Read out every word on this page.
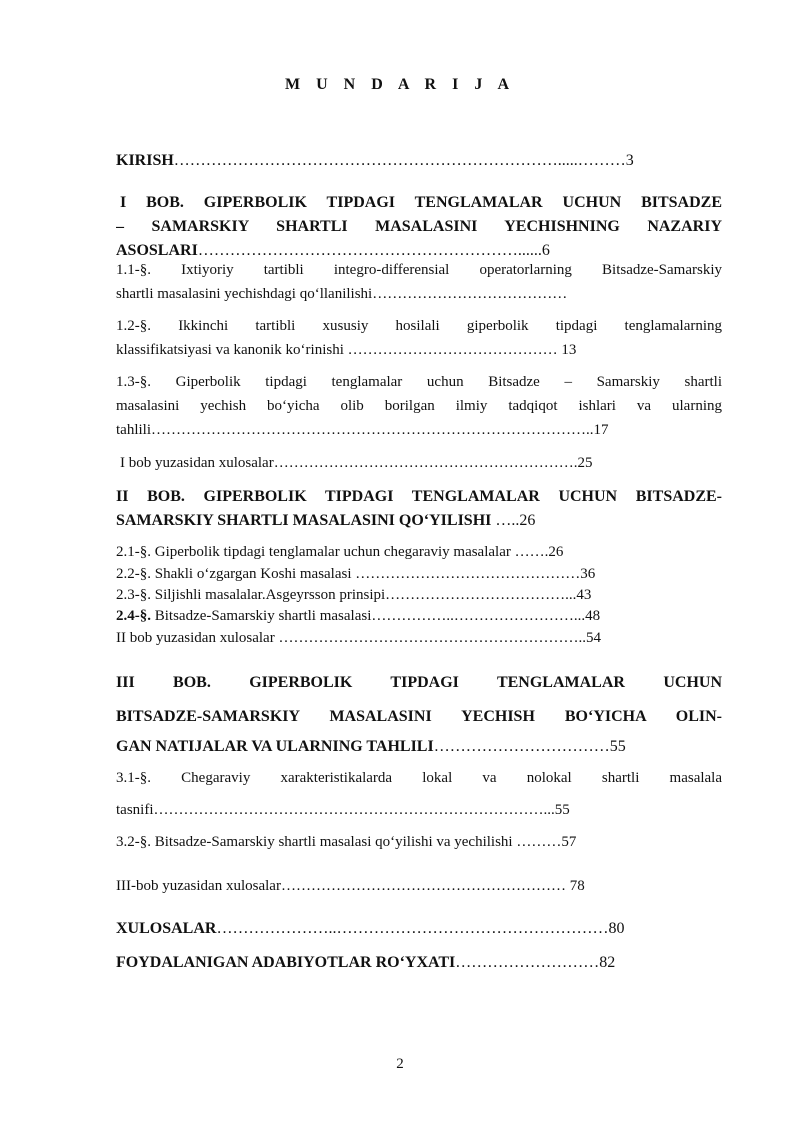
M U N D A R I J A
KIRISH……………………………………………………………….....………3
I BOB. GIPERBOLIK TIPDAGI TENGLAMALAR UCHUN BITSADZE
– SAMARSKIY SHARTLI MASALASINI YECHISHNING NAZARIY
ASOSLARI……………………………………………………......6
1.1-§. Ixtiyoriy tartibli integro-differensial operatorlarning Bitsadze-Samarskiy
shartli masalasini yechishdagi qo‘llanilishi…………………………………
1.2-§. Ikkinchi tartibli xususiy hosilali giperbolik tipdagi tenglamalarning
klassifikatsiyasi va kanonik ko‘rinishi …………………………………… 13
1.3-§. Giperbolik tipdagi tenglamalar uchun Bitsadze – Samarskiy shartli
masalasini yechish bo‘yicha olib borilgan ilmiy tadqiqot ishlari va ularning
tahlili……………………………………………………………………………..17
I bob yuzasidan xulosalar…………………………………………………….25
II BOB. GIPERBOLIK TIPDAGI TENGLAMALAR UCHUN BITSADZE-
SAMARSKIY SHARTLI MASALASINI QO‘YILISHI …..26
2.1-§. Giperbolik tipdagi tenglamalar uchun chegaraviy masalalar …….26
2.2-§. Shakli o‘zgargan Koshi masalasi ………………………………………36
2.3-§. Siljishli masalalar.Asgeyrsson prinsipi………………………………...43
2.4-§. Bitsadze-Samarskiy shartli masalasi……………..……………………...48
II bob yuzasidan xulosalar ……………………………………………………..54
III BOB. GIPERBOLIK TIPDAGI TENGLAMALAR UCHUN
BITSADZE-SAMARSKIY MASALASINI YECHISH BO‘YICHA OLIN-
GAN NATIJALAR VA ULARNING TAHLILI……………………………55
3.1-§. Chegaraviy xarakteristikalarda lokal va nolokal shartli masalala
tasnifi……………………………………………………………………...55
3.2-§. Bitsadze-Samarskiy shartli masalasi qo‘yilishi va yechilishi ………57
III-bob yuzasidan xulosalar………………………………………………… 78
XULOSALAR…………………..……………………………………………80
FOYDALANIGAN ADABIYOTLAR RO‘YXATI………………………82
2
